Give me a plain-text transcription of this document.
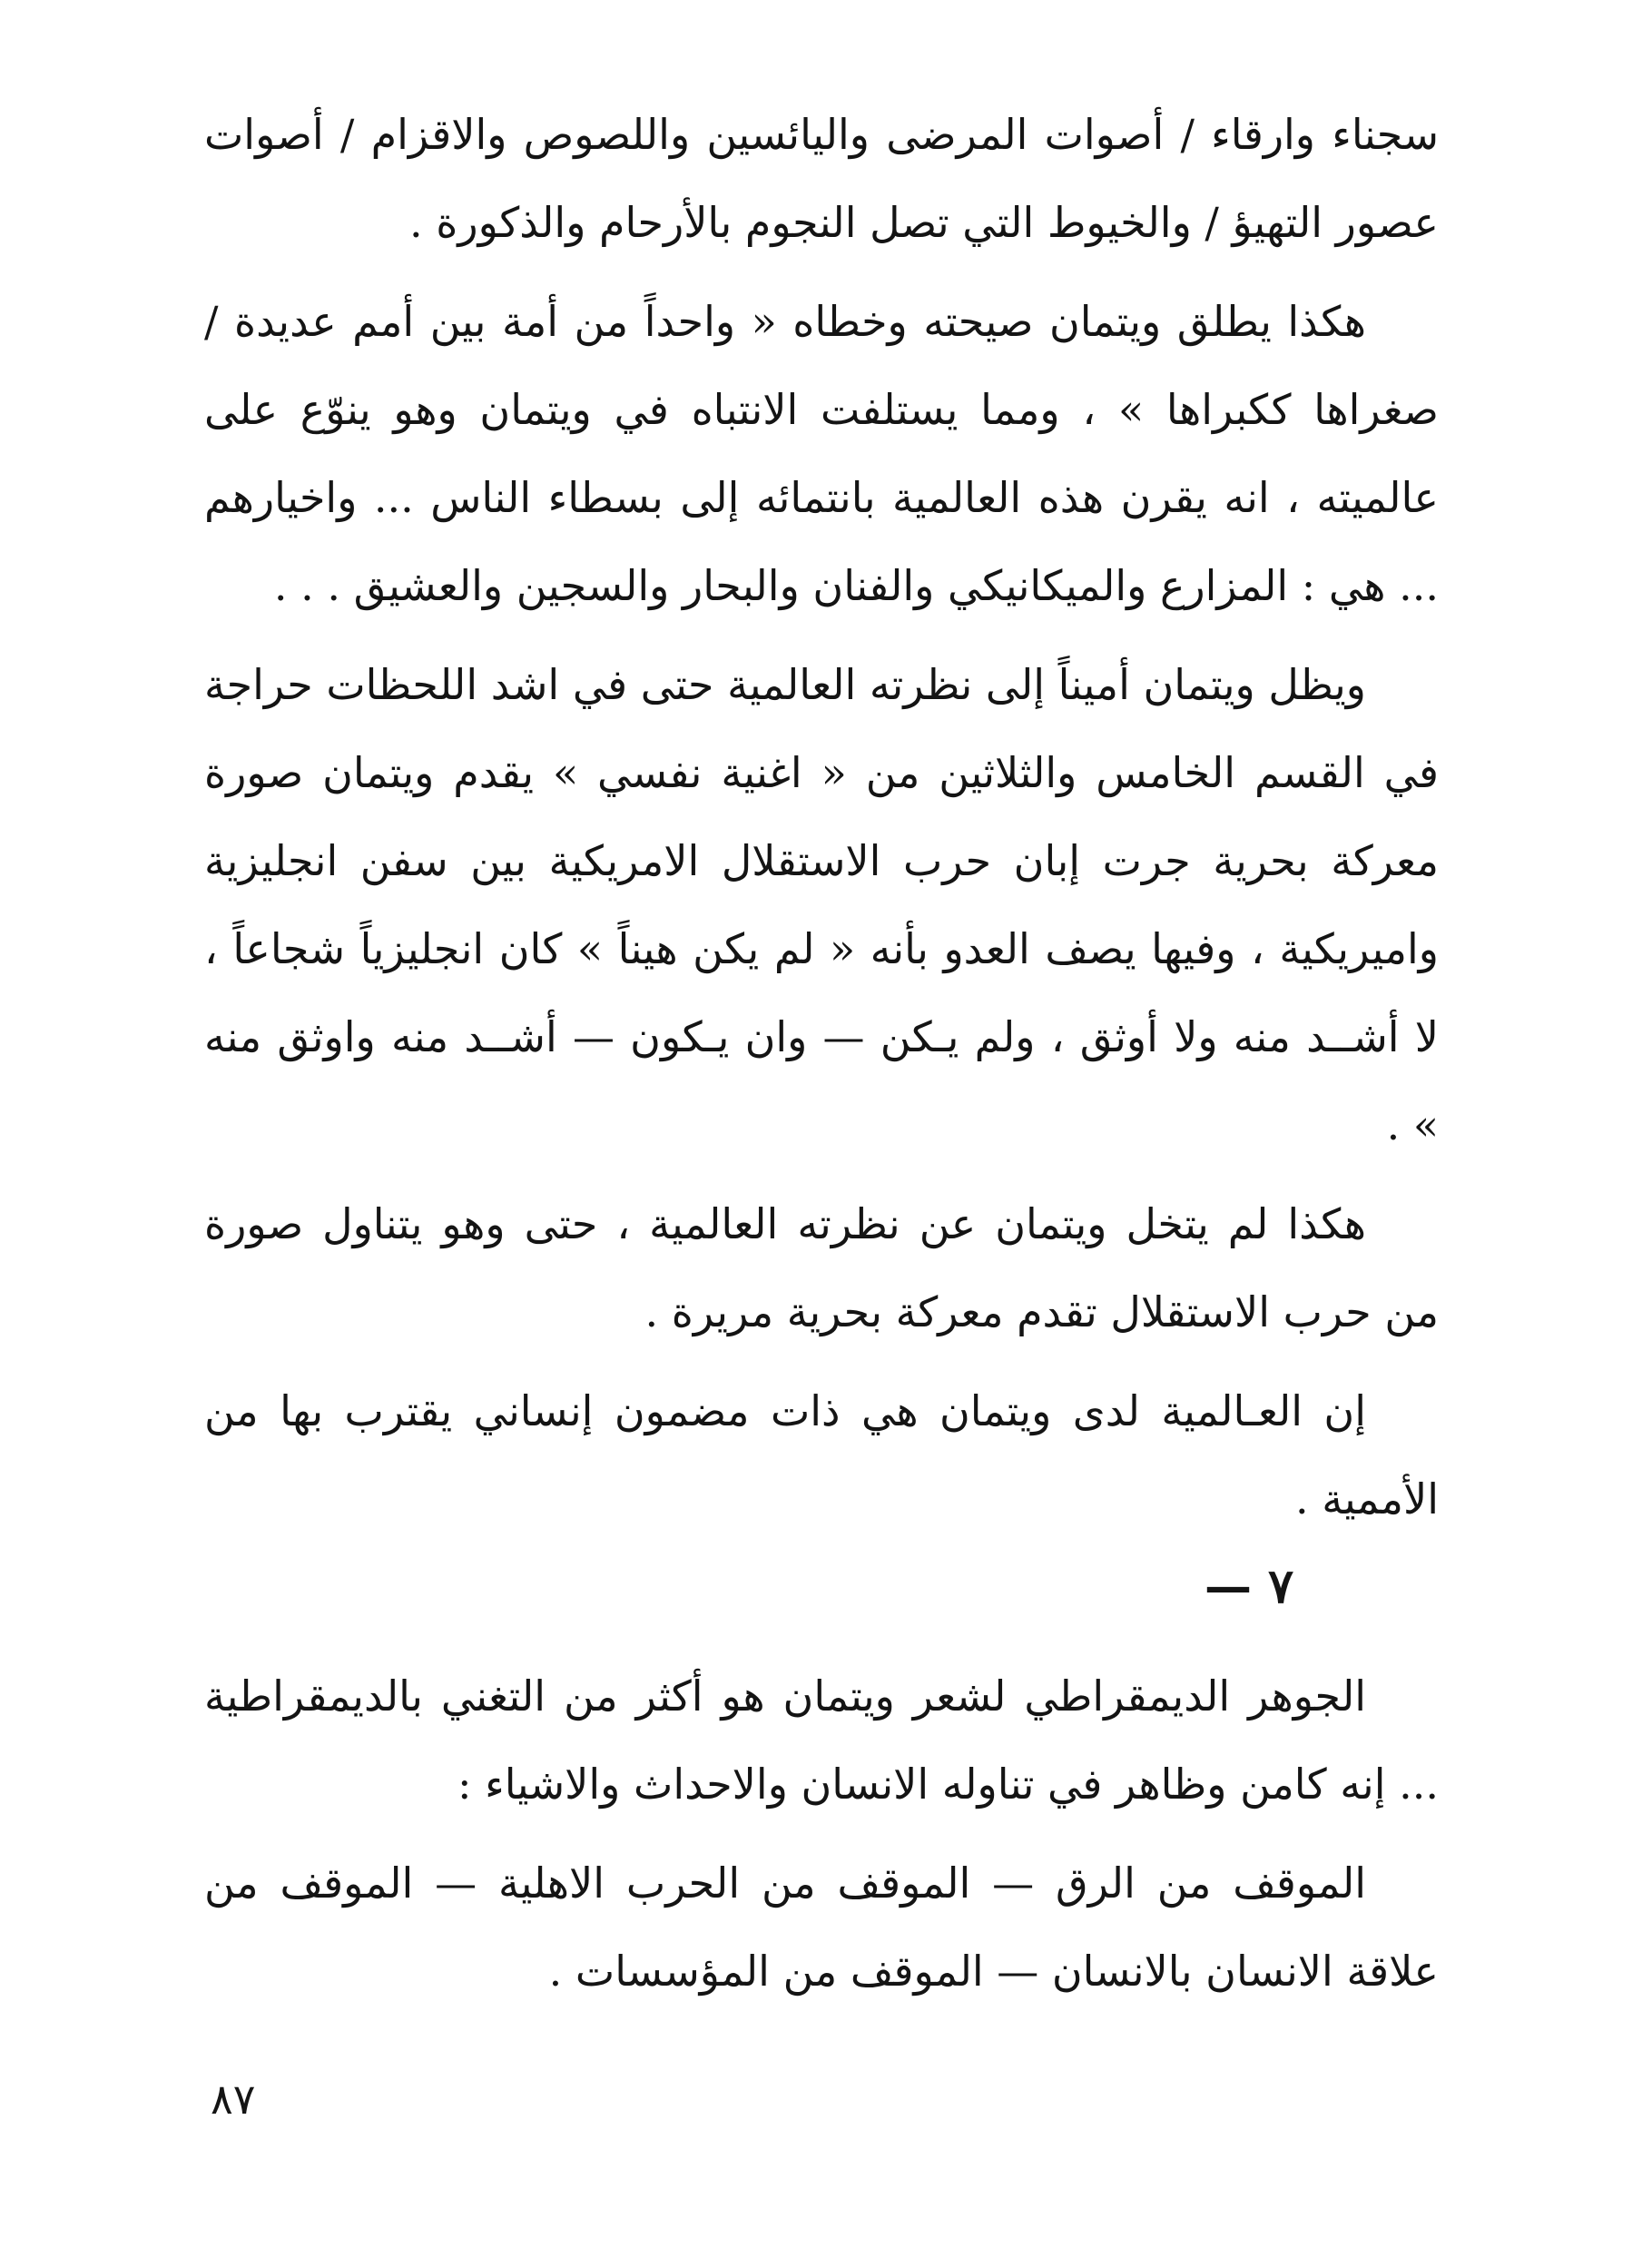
سجناء وارقاء / أصوات المرضى واليائسين واللصوص والاقزام / أصوات عصور التهيؤ / والخيوط التي تصل النجوم بالأرحام والذكورة .

هكذا يطلق ويتمان صيحته وخطاه « واحداً من أمة بين أمم عديدة / صغراها ككبراها » ، ومما يستلفت الانتباه في ويتمان وهو ينوّع على عالميته ، انه يقرن هذه العالمية بانتمائه إلى بسطاء الناس ... واخيارهم ... هي : المزارع والميكانيكي والفنان والبحار والسجين والعشيق . . .

ويظل ويتمان أميناً إلى نظرته العالمية حتى في اشد اللحظات حراجة في القسم الخامس والثلاثين من « اغنية نفسي » يقدم ويتمان صورة معركة بحرية جرت إبان حرب الاستقلال الامريكية بين سفن انجليزية واميريكية ، وفيها يصف العدو بأنه « لم يكن هيناً » كان انجليزياً شجاعاً ، لا أشــد منه ولا أوثق ، ولم يـكن — وان يـكون — أشــد منه واوثق منه » .

هكذا لم يتخل ويتمان عن نظرته العالمية ، حتى وهو يتناول صورة من حرب الاستقلال تقدم معركة بحرية مريرة .

إن العـالمية لدى ويتمان هي ذات مضمون إنساني يقترب بها من الأممية .

٧ —

الجوهر الديمقراطي لشعر ويتمان هو أكثر من التغني بالديمقراطية ... إنه كامن وظاهر في تناوله الانسان والاحداث والاشياء :

الموقف من الرق — الموقف من الحرب الاهلية — الموقف من علاقة الانسان بالانسان — الموقف من المؤسسات .

٨٧
